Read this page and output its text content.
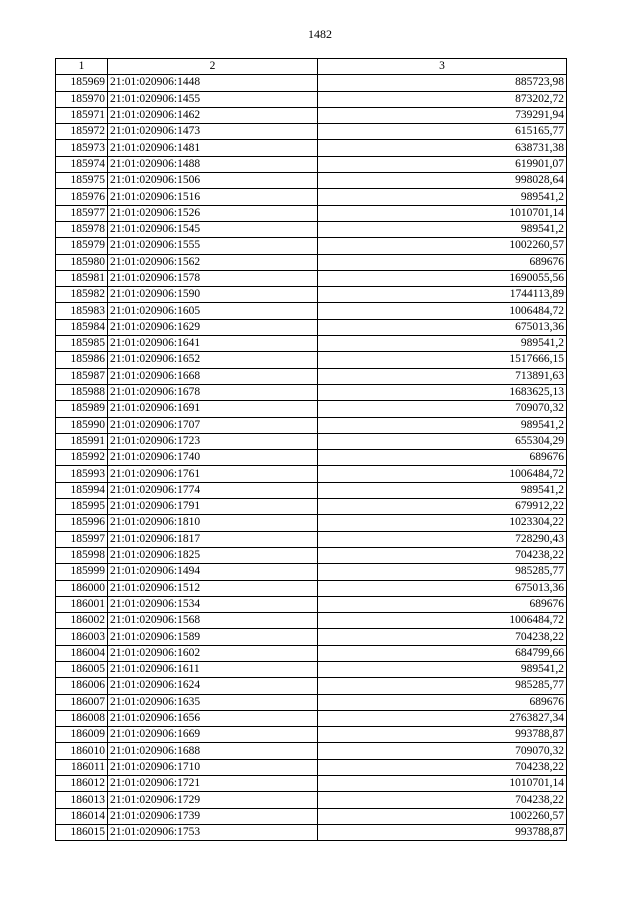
1482
1	2	3
185969	21:01:020906:1448	885723,98
185970	21:01:020906:1455	873202,72
185971	21:01:020906:1462	739291,94
185972	21:01:020906:1473	615165,77
185973	21:01:020906:1481	638731,38
185974	21:01:020906:1488	619901,07
185975	21:01:020906:1506	998028,64
185976	21:01:020906:1516	989541,2
185977	21:01:020906:1526	1010701,14
185978	21:01:020906:1545	989541,2
185979	21:01:020906:1555	1002260,57
185980	21:01:020906:1562	689676
185981	21:01:020906:1578	1690055,56
185982	21:01:020906:1590	1744113,89
185983	21:01:020906:1605	1006484,72
185984	21:01:020906:1629	675013,36
185985	21:01:020906:1641	989541,2
185986	21:01:020906:1652	1517666,15
185987	21:01:020906:1668	713891,63
185988	21:01:020906:1678	1683625,13
185989	21:01:020906:1691	709070,32
185990	21:01:020906:1707	989541,2
185991	21:01:020906:1723	655304,29
185992	21:01:020906:1740	689676
185993	21:01:020906:1761	1006484,72
185994	21:01:020906:1774	989541,2
185995	21:01:020906:1791	679912,22
185996	21:01:020906:1810	1023304,22
185997	21:01:020906:1817	728290,43
185998	21:01:020906:1825	704238,22
185999	21:01:020906:1494	985285,77
186000	21:01:020906:1512	675013,36
186001	21:01:020906:1534	689676
186002	21:01:020906:1568	1006484,72
186003	21:01:020906:1589	704238,22
186004	21:01:020906:1602	684799,66
186005	21:01:020906:1611	989541,2
186006	21:01:020906:1624	985285,77
186007	21:01:020906:1635	689676
186008	21:01:020906:1656	2763827,34
186009	21:01:020906:1669	993788,87
186010	21:01:020906:1688	709070,32
186011	21:01:020906:1710	704238,22
186012	21:01:020906:1721	1010701,14
186013	21:01:020906:1729	704238,22
186014	21:01:020906:1739	1002260,57
186015	21:01:020906:1753	993788,87
